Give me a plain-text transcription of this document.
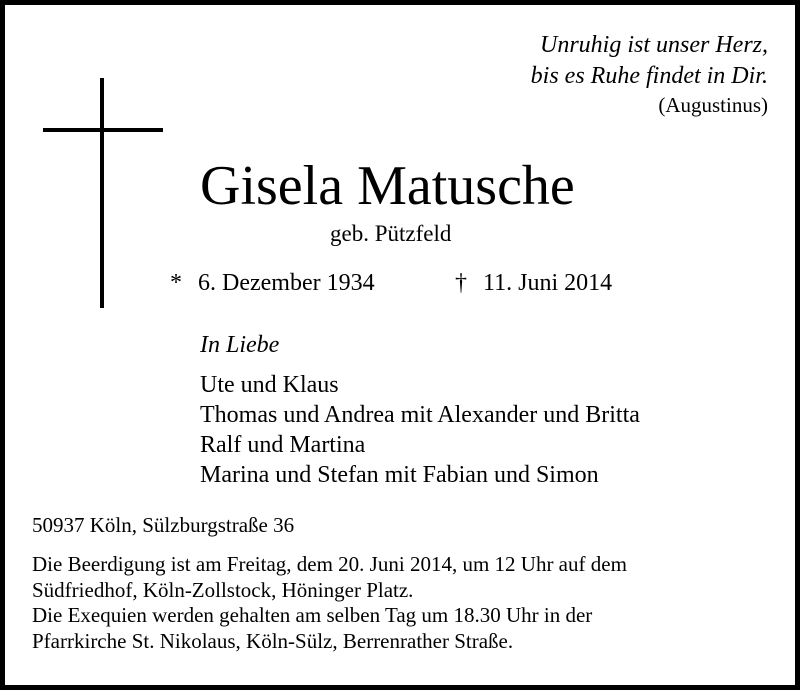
Unruhig ist unser Herz,
bis es Ruhe findet in Dir.
(Augustinus)
Gisela Matusche
geb. Pützfeld
* 6. Dezember 1934	† 11. Juni 2014
In Liebe
Ute und Klaus
Thomas und Andrea mit Alexander und Britta
Ralf und Martina
Marina und Stefan mit Fabian und Simon
50937 Köln, Sülzburgstraße 36
Die Beerdigung ist am Freitag, dem 20. Juni 2014, um 12 Uhr auf dem
Südfriedhof, Köln-Zollstock, Höninger Platz.
Die Exequien werden gehalten am selben Tag um 18.30 Uhr in der
Pfarrkirche St. Nikolaus, Köln-Sülz, Berrenrather Straße.
